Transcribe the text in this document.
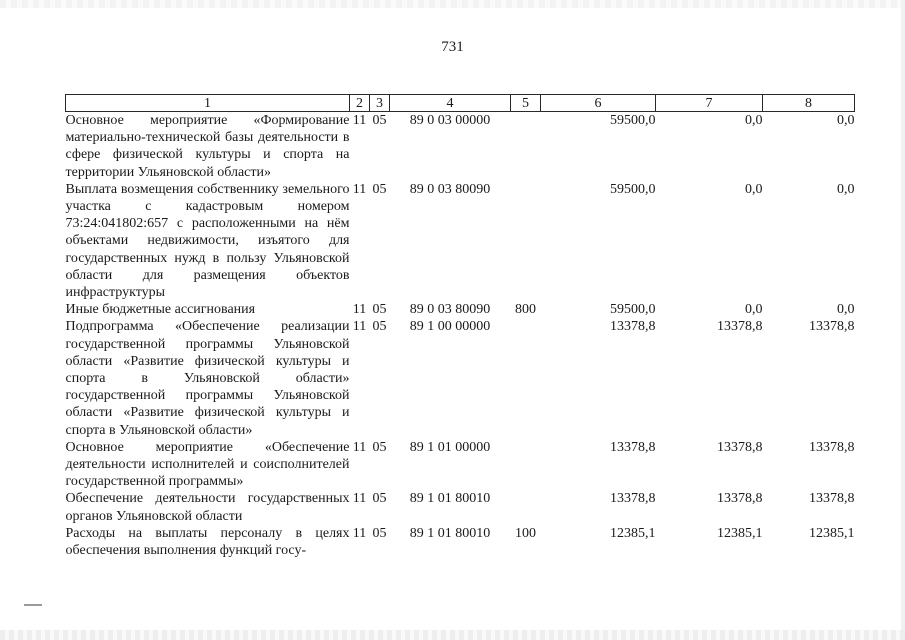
731
1	2	3	4	5	6	7	8
Основное мероприятие «Формирование материально-технической базы деятельности в сфере физической культуры и спорта на территории Ульяновской области»	11	05	89 0 03 00000		59500,0	0,0	0,0
Выплата возмещения собственнику земельного участка с кадастровым номером 73:24:041802:657 с расположенными на нём объектами недвижимости, изъятого для государственных нужд в пользу Ульяновской области для размещения объектов инфраструктуры	11	05	89 0 03 80090		59500,0	0,0	0,0
Иные бюджетные ассигнования	11	05	89 0 03 80090	800	59500,0	0,0	0,0
Подпрограмма «Обеспечение реализации государственной программы Ульяновской области «Развитие физической культуры и спорта в Ульяновской области» государственной программы Ульяновской области «Развитие физической культуры и спорта в Ульяновской области»	11	05	89 1 00 00000		13378,8	13378,8	13378,8
Основное мероприятие «Обеспечение деятельности исполнителей и соисполнителей государственной программы»	11	05	89 1 01 00000		13378,8	13378,8	13378,8
Обеспечение деятельности государственных органов Ульяновской области	11	05	89 1 01 80010		13378,8	13378,8	13378,8
Расходы на выплаты персоналу в целях обеспечения выполнения функций госу-	11	05	89 1 01 80010	100	12385,1	12385,1	12385,1
